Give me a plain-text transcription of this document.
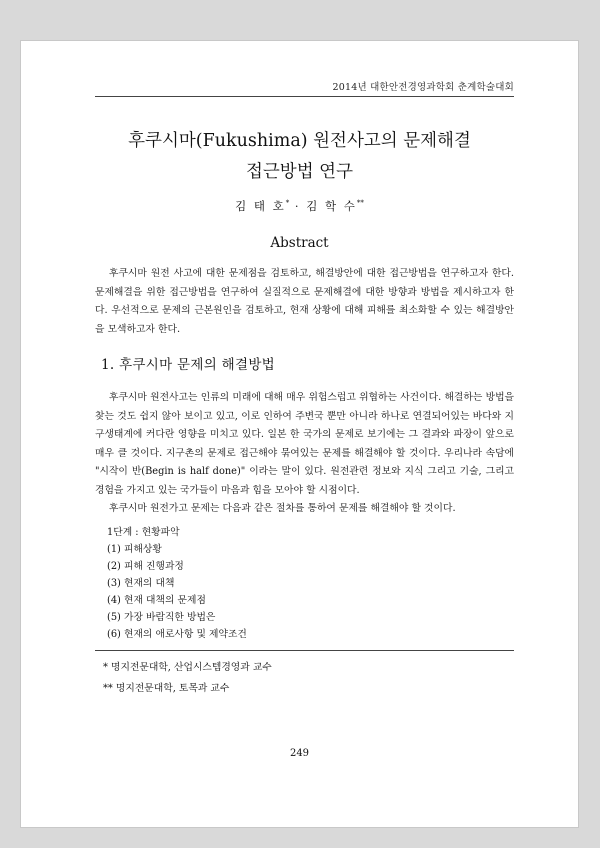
2014년 대한안전경영과학회 춘계학술대회
후쿠시마(Fukushima) 원전사고의 문제해결
접근방법 연구
김 태 호* · 김 학 수**
Abstract

후쿠시마 원전 사고에 대한 문제점을 검토하고, 해결방안에 대한 접근방법을 연구하고자 한다. 문제해결을 위한 접근방법을 연구하여 실질적으로 문제해결에 대한 방향과 방법을 제시하고자 한다. 우선적으로 문제의 근본원인을 검토하고, 현재 상황에 대해 피해를 최소화할 수 있는 해결방안을 모색하고자 한다.

1. 후쿠시마 문제의 해결방법

후쿠시마 원전사고는 인류의 미래에 대해 매우 위험스럽고 위협하는 사건이다. 해결하는 방법을 찾는 것도 쉽지 않아 보이고 있고, 이로 인하여 주변국 뿐만 아니라 하나로 연결되어있는 바다와 지구생태계에 커다란 영향을 미치고 있다. 일본 한 국가의 문제로 보기에는 그 결과와 파장이 앞으로 매우 클 것이다. 지구촌의 문제로 접근해야 묶여있는 문제를 해결해야 할 것이다. 우리나라 속담에 "시작이 반(Begin is half done)" 이라는 말이 있다. 원전관련 정보와 지식 그리고 기술, 그리고 경험을 가지고 있는 국가들이 마음과 힘을 모아야 할 시점이다.

후쿠시마 원전가고 문제는 다음과 같은 절차를 통하여 문제를 해결해야 할 것이다.

1단계 : 현황파악
(1) 피해상황
(2) 피해 진행과정
(3) 현재의 대책
(4) 현재 대책의 문제점
(5) 가장 바람직한 방법은
(6) 현재의 애로사항 및 제약조건
* 명지전문대학, 산업시스템경영과 교수
** 명지전문대학, 토목과 교수
249
